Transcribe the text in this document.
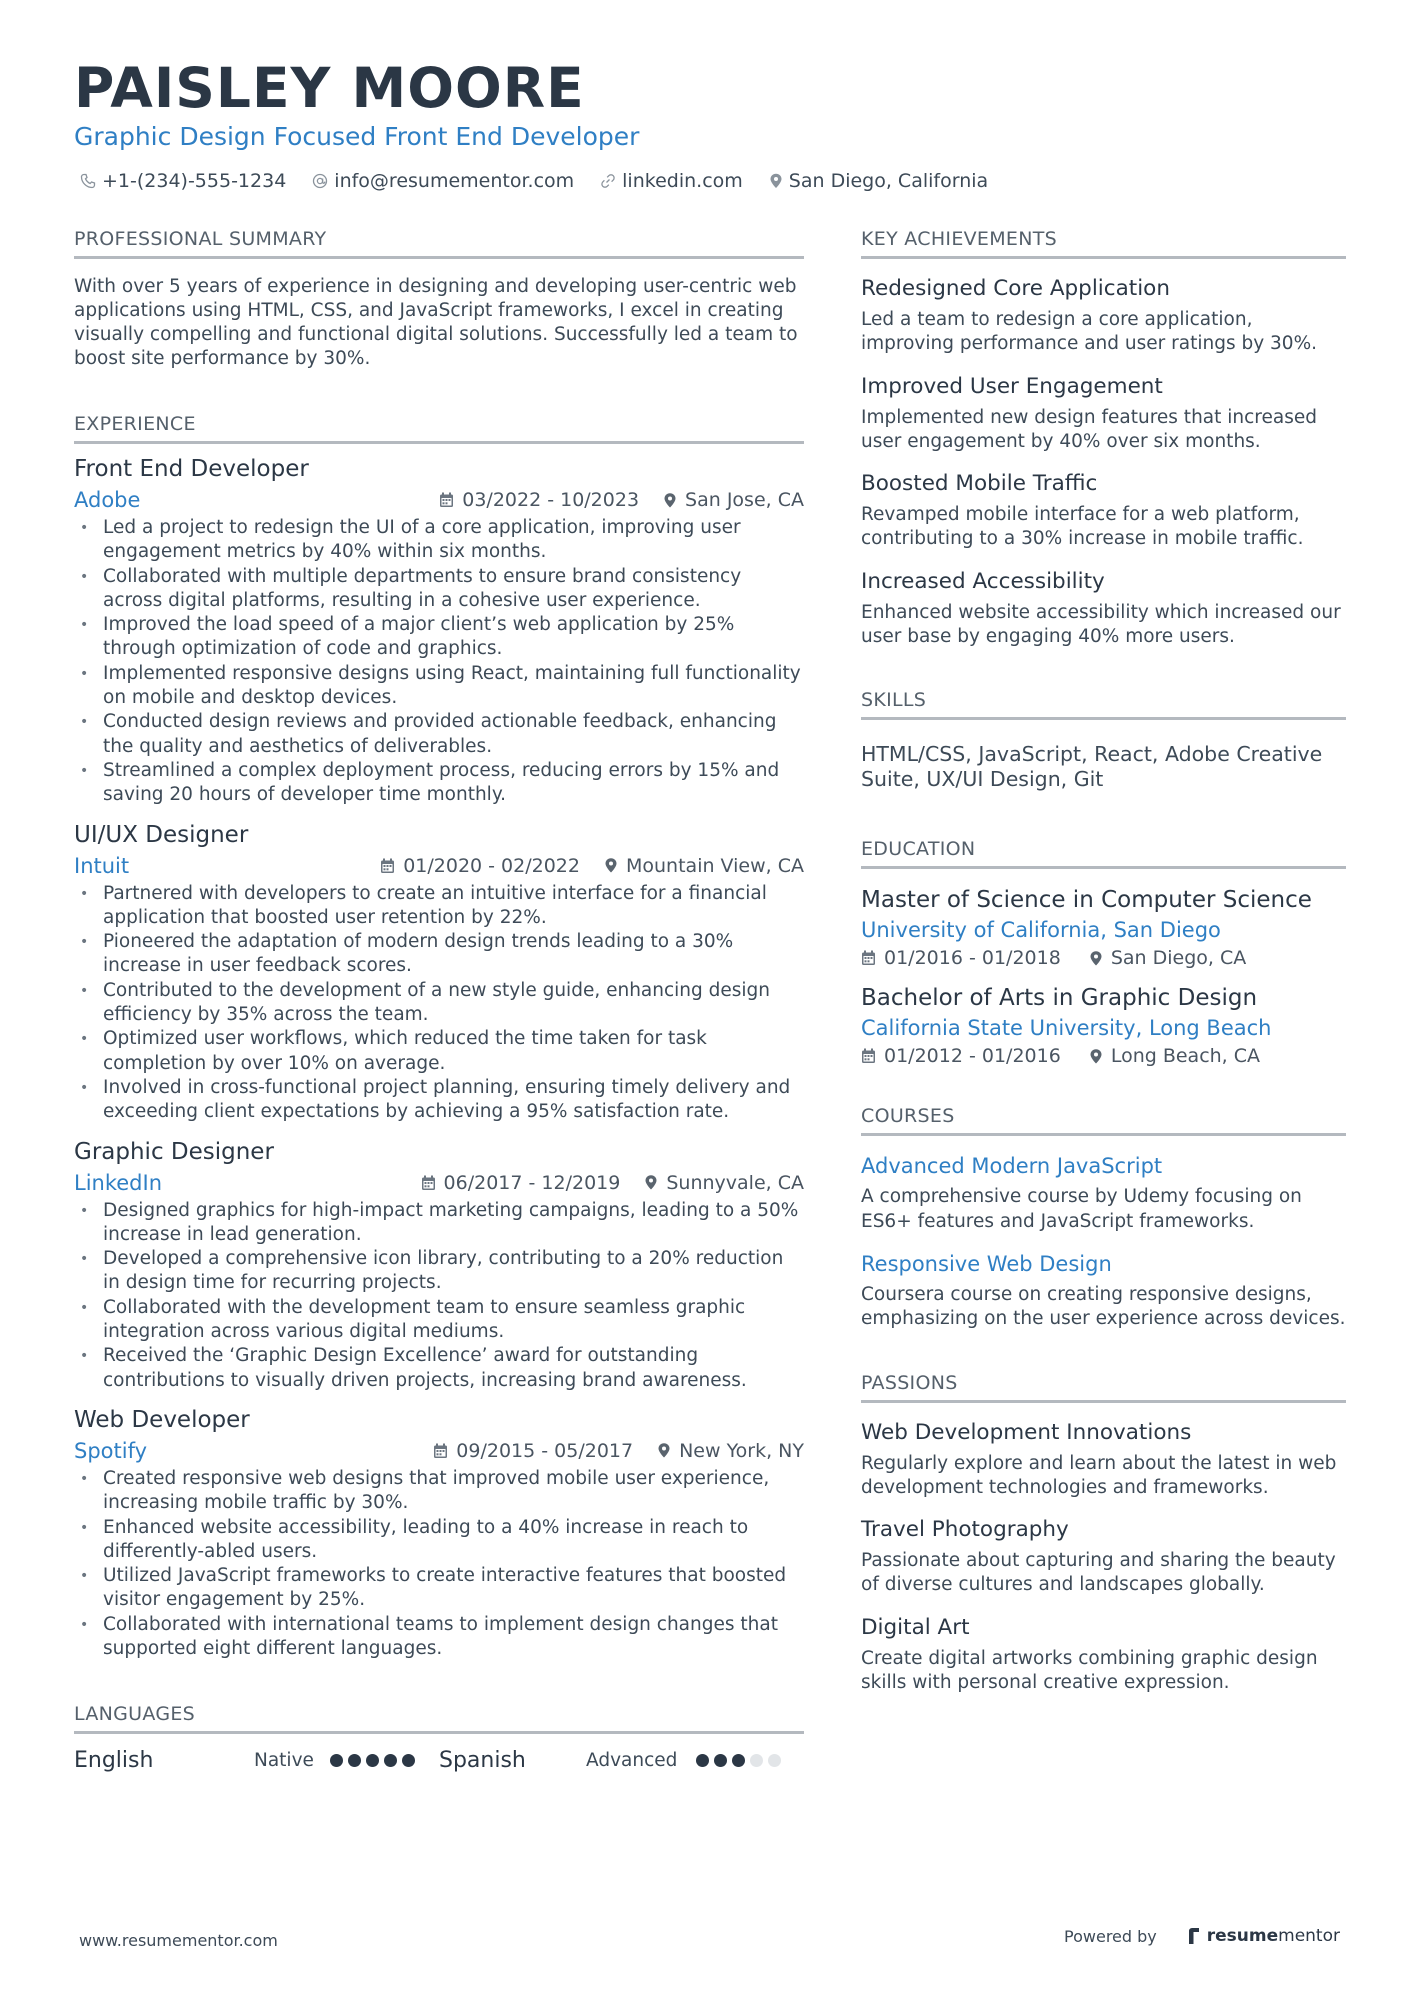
PAISLEY MOORE
Graphic Design Focused Front End Developer
+1-(234)-555-1234	info@resumementor.com	linkedin.com San Diego, California
PROFESSIONAL SUMMARY

With over 5 years of experience in designing and developing user-centric web applications using HTML, CSS, and JavaScript frameworks, I excel in creating visually compelling and functional digital solutions. Successfully led a team to boost site performance by 30%.

EXPERIENCE
Front End Developer
Adobe	03/2022 - 10/2023 San Jose, CA
• Led a project to redesign the UI of a core application, improving user engagement metrics by 40% within six months.
• Collaborated with multiple departments to ensure brand consistency across digital platforms, resulting in a cohesive user experience.
• Improved the load speed of a major client’s web application by 25% through optimization of code and graphics.
• Implemented responsive designs using React, maintaining full functionality on mobile and desktop devices.
• Conducted design reviews and provided actionable feedback, enhancing the quality and aesthetics of deliverables.
• Streamlined a complex deployment process, reducing errors by 15% and saving 20 hours of developer time monthly.
UI/UX Designer
Intuit	01/2020 - 02/2022 Mountain View, CA
• Partnered with developers to create an intuitive interface for a financial application that boosted user retention by 22%.
• Pioneered the adaptation of modern design trends leading to a 30% increase in user feedback scores.
• Contributed to the development of a new style guide, enhancing design efficiency by 35% across the team.
• Optimized user workflows, which reduced the time taken for task completion by over 10% on average.
• Involved in cross-functional project planning, ensuring timely delivery and exceeding client expectations by achieving a 95% satisfaction rate.
Graphic Designer
LinkedIn	06/2017 - 12/2019 Sunnyvale, CA
• Designed graphics for high-impact marketing campaigns, leading to a 50% increase in lead generation.
• Developed a comprehensive icon library, contributing to a 20% reduction in design time for recurring projects.
• Collaborated with the development team to ensure seamless graphic integration across various digital mediums.
• Received the ‘Graphic Design Excellence’ award for outstanding contributions to visually driven projects, increasing brand awareness.
Web Developer
Spotify	09/2015 - 05/2017 New York, NY
• Created responsive web designs that improved mobile user experience, increasing mobile traffic by 30%.
• Enhanced website accessibility, leading to a 40% increase in reach to differently-abled users.
• Utilized JavaScript frameworks to create interactive features that boosted visitor engagement by 25%.
• Collaborated with international teams to implement design changes that supported eight different languages.
LANGUAGES
English	Native	Spanish	Advanced
KEY ACHIEVEMENTS
Redesigned Core Application
Led a team to redesign a core application, improving performance and user ratings by 30%.
Improved User Engagement
Implemented new design features that increased user engagement by 40% over six months.
Boosted Mobile Traffic
Revamped mobile interface for a web platform, contributing to a 30% increase in mobile traffic.
Increased Accessibility
Enhanced website accessibility which increased our user base by engaging 40% more users.
SKILLS
HTML/CSS, JavaScript, React, Adobe Creative Suite, UX/UI Design, Git
EDUCATION
Master of Science in Computer Science
University of California, San Diego
01/2016 - 01/2018	San Diego, CA
Bachelor of Arts in Graphic Design
California State University, Long Beach
01/2012 - 01/2016	Long Beach, CA
COURSES
Advanced Modern JavaScript
A comprehensive course by Udemy focusing on ES6+ features and JavaScript frameworks.
Responsive Web Design
Coursera course on creating responsive designs, emphasizing on the user experience across devices.
PASSIONS
Web Development Innovations
Regularly explore and learn about the latest in web development technologies and frameworks.
Travel Photography
Passionate about capturing and sharing the beauty of diverse cultures and landscapes globally.
Digital Art
Create digital artworks combining graphic design skills with personal creative expression.
www.resumementor.com	Powered by	resume mentor
